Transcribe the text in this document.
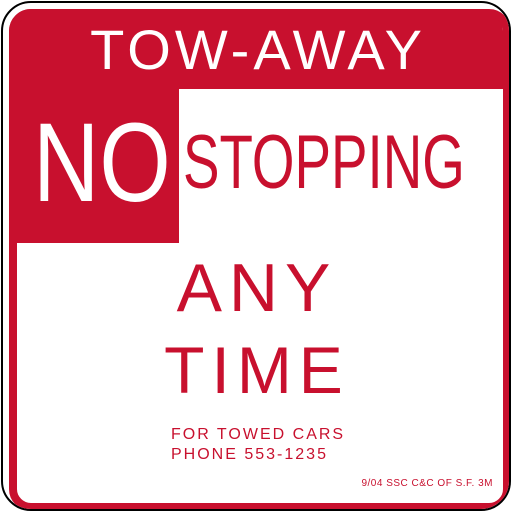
TOW-AWAY
NO STOPPING
ANY
TIME
FOR TOWED CARS
PHONE 553-1235
9/04 SSC C&C OF S.F. 3M
